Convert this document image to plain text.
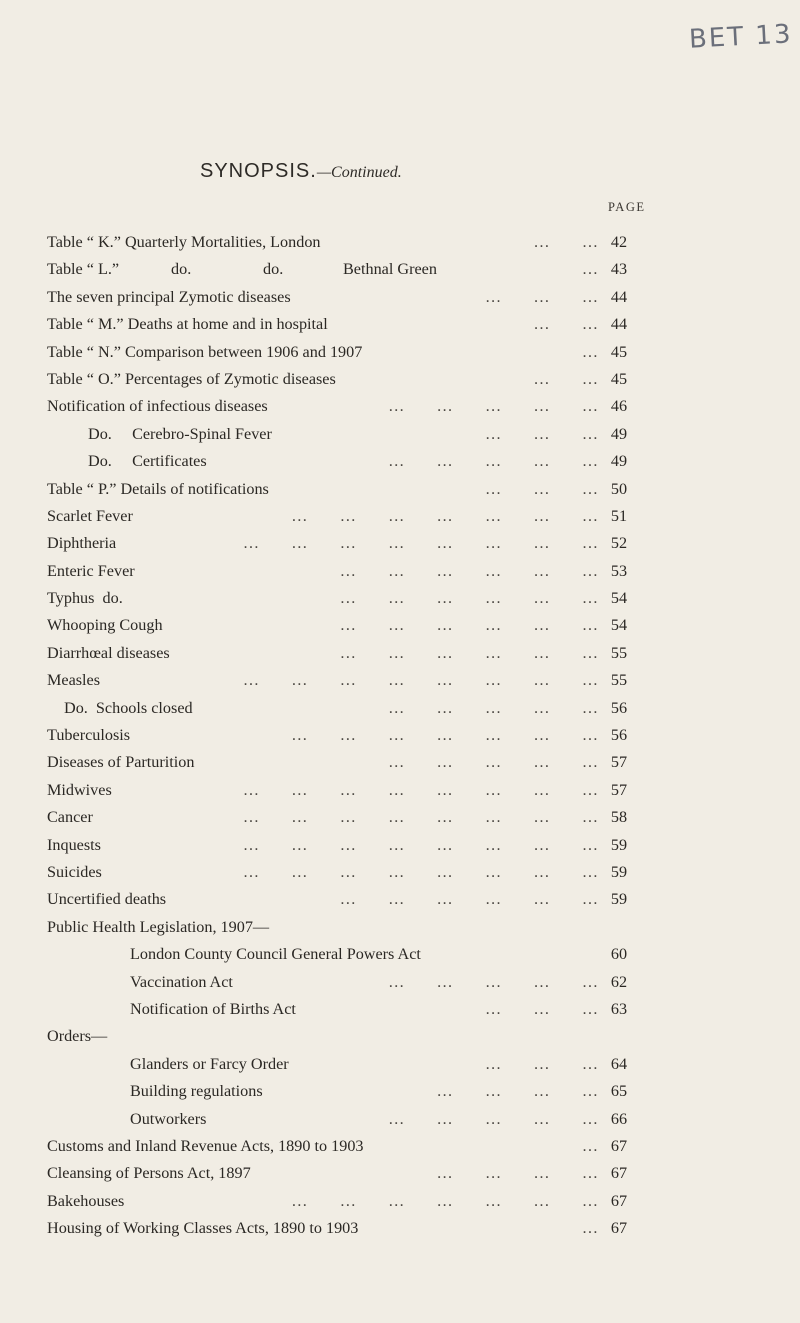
BET 13
SYNOPSIS.—Continued.
PAGE
…     …
Table “ K.” Quarterly Mortalities, London	42
…
Table “ L.”	do.	do.	Bethnal Green	43
…     …     …
The seven principal Zymotic diseases	44
…     …
Table “ M.” Deaths at home and in hospital	44
…
Table “ N.” Comparison between 1906 and 1907	45
…     …
Table “ O.” Percentages of Zymotic diseases	45
…     …     …     …     …
Notification of infectious diseases	46
…     …     …
Do.     Cerebro-Spinal Fever	49
…     …     …     …     …
Do.     Certificates	49
…     …     …
Table “ P.” Details of notifications	50
…     …     …     …     …     …     …
Scarlet Fever	51
…     …     …     …     …     …     …     …
Diphtheria	52
…     …     …     …     …     …
Enteric Fever	53
…     …     …     …     …     …
Typhus  do.	54
…     …     …     …     …     …
Whooping Cough	54
…     …     …     …     …     …
Diarrhœal diseases	55
…     …     …     …     …     …     …     …
Measles	55
…     …     …     …     …
Do.  Schools closed	56
…     …     …     …     …     …     …
Tuberculosis	56
…     …     …     …     …
Diseases of Parturition	57
…     …     …     …     …     …     …     …
Midwives	57
…     …     …     …     …     …     …     …
Cancer	58
…     …     …     …     …     …     …     …
Inquests	59
…     …     …     …     …     …     …     …
Suicides	59
…     …     …     …     …     …
Uncertified deaths	59
Public Health Legislation, 1907—
London County Council General Powers Act	60
…     …     …     …     …
Vaccination Act	62
…     …     …
Notification of Births Act	63
Orders—
…     …     …
Glanders or Farcy Order	64
…     …     …     …
Building regulations	65
…     …     …     …     …
Outworkers	66
…
Customs and Inland Revenue Acts, 1890 to 1903	67
…     …     …     …
Cleansing of Persons Act, 1897	67
…     …     …     …     …     …     …
Bakehouses	67
…
Housing of Working Classes Acts, 1890 to 1903	67
